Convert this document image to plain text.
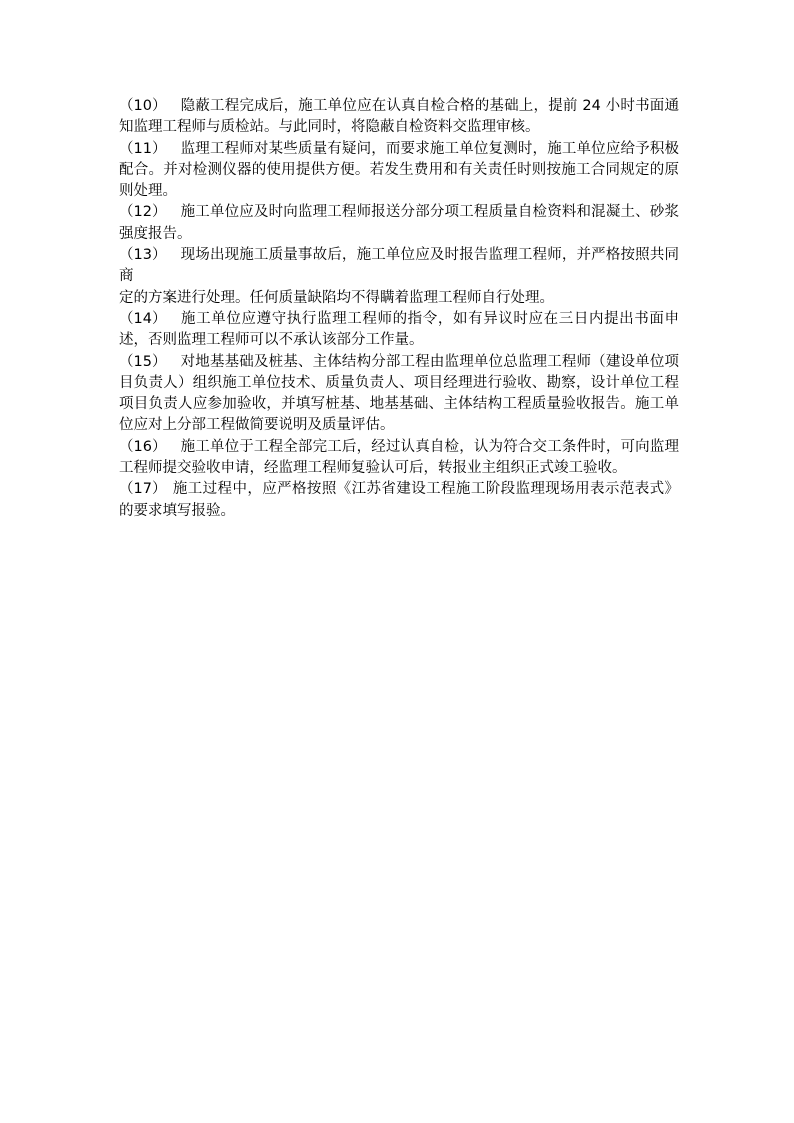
（10） 隐蔽工程完成后，施工单位应在认真自检合格的基础上，提前 24 小时书面通知监理工程师与质检站。与此同时，将隐蔽自检资料交监理审核。

（11） 监理工程师对某些质量有疑问，而要求施工单位复测时，施工单位应给予积极配合。并对检测仪器的使用提供方便。若发生费用和有关责任时则按施工合同规定的原则处理。

（12） 施工单位应及时向监理工程师报送分部分项工程质量自检资料和混凝土、砂浆强度报告。

（13） 现场出现施工质量事故后，施工单位应及时报告监理工程师，并严格按照共同商

定的方案进行处理。任何质量缺陷均不得瞒着监理工程师自行处理。

（14） 施工单位应遵守执行监理工程师的指令，如有异议时应在三日内提出书面申述，否则监理工程师可以不承认该部分工作量。

（15） 对地基基础及桩基、主体结构分部工程由监理单位总监理工程师（建设单位项目负责人）组织施工单位技术、质量负责人、项目经理进行验收、勘察，设计单位工程项目负责人应参加验收，并填写桩基、地基基础、主体结构工程质量验收报告。施工单位应对上分部工程做简要说明及质量评估。

（16） 施工单位于工程全部完工后，经过认真自检，认为符合交工条件时，可向监理工程师提交验收申请，经监理工程师复验认可后，转报业主组织正式竣工验收。

（17） 施工过程中，应严格按照《江苏省建设工程施工阶段监理现场用表示范表式》的要求填写报验。
